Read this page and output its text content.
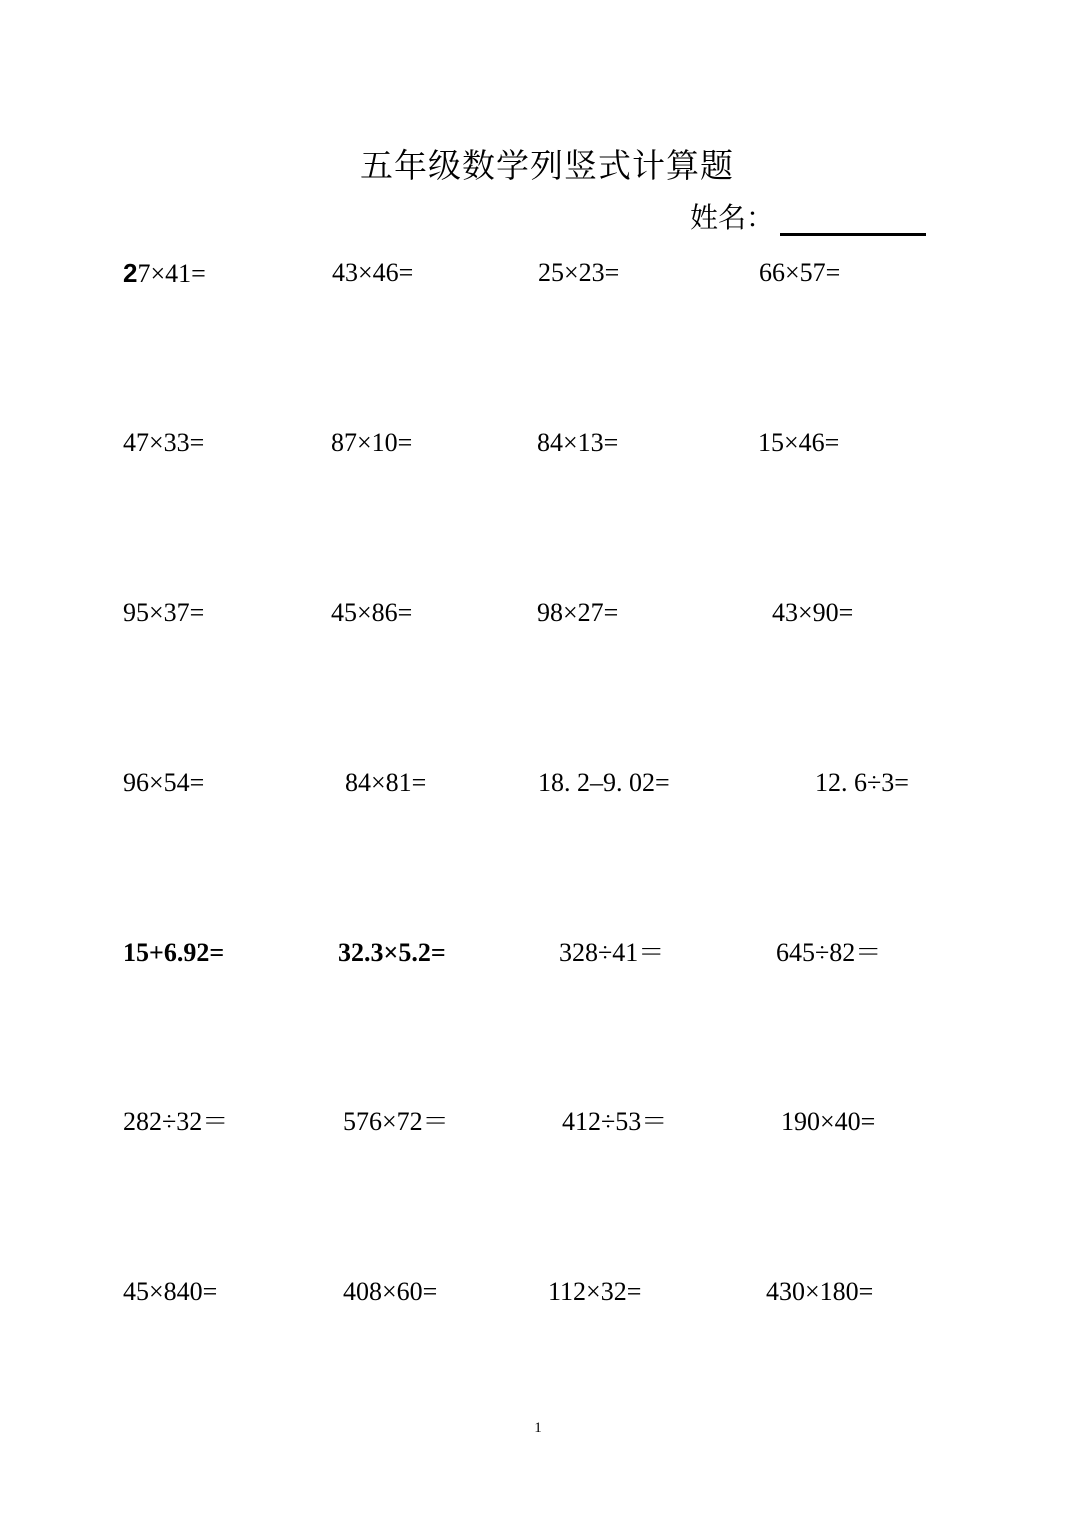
五年级数学列竖式计算题
姓名：
27×41=	43×46=	25×23=	66×57=
47×33=	87×10=	84×13=	15×46=
95×37=	45×86=	98×27=	43×90=
96×54=	84×81=	18. 2–9. 02=	12. 6÷3=
15+6.92=	32.3×5.2=	328÷41＝	645÷82＝
282÷32＝	576×72＝	412÷53＝	190×40=
45×840=	408×60=	112×32=	430×180=
1
